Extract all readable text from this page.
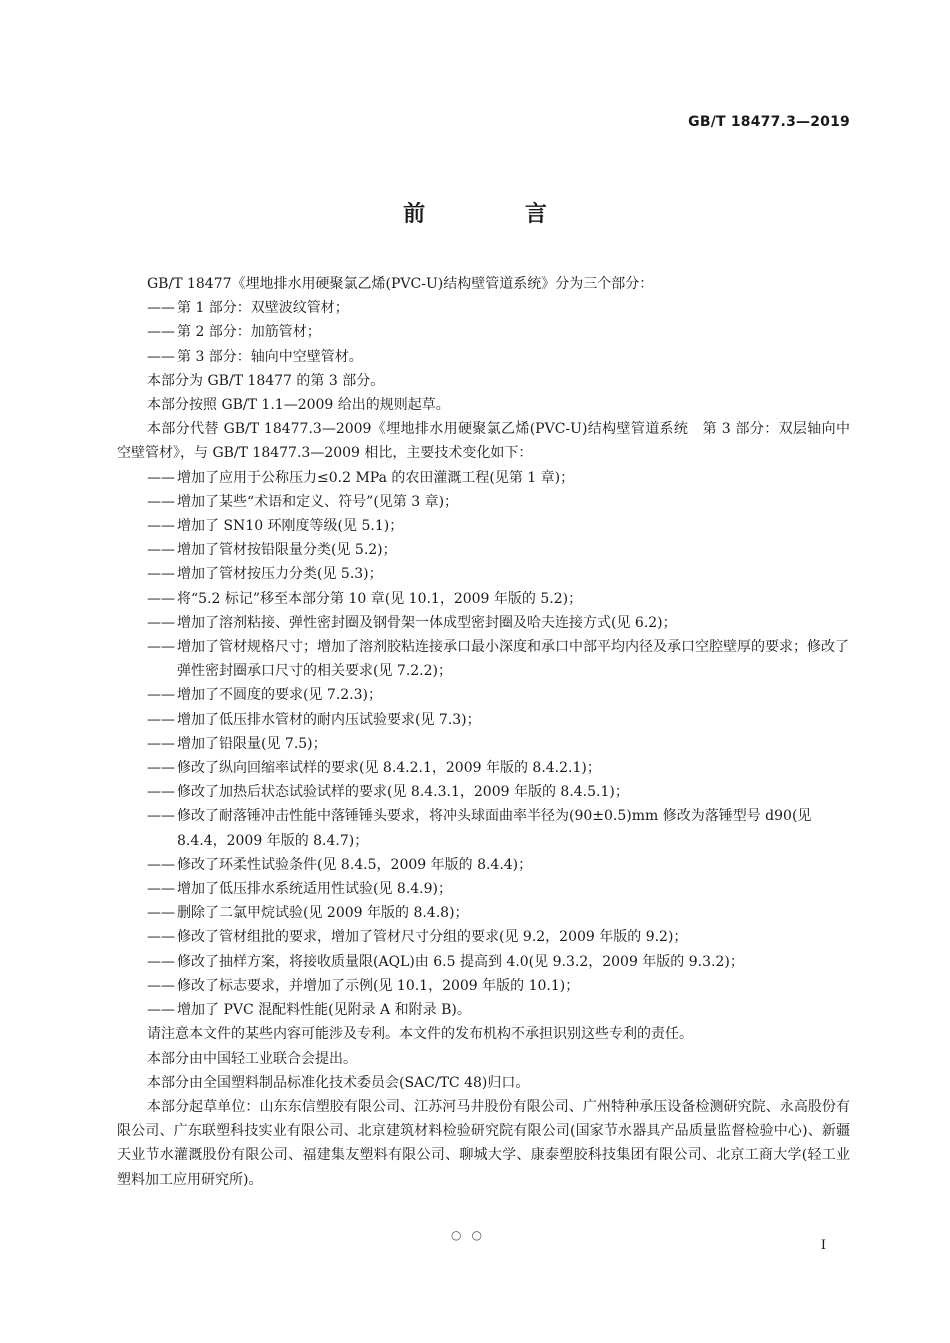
GB/T 18477.3—2019
前 言

GB/T 18477《埋地排水用硬聚氯乙烯(PVC-U)结构壁管道系统》分为三个部分：

—— 第 1 部分：双壁波纹管材；

—— 第 2 部分：加筋管材；

—— 第 3 部分：轴向中空壁管材。

本部分为 GB/T 18477 的第 3 部分。

本部分按照 GB/T 1.1—2009 给出的规则起草。

本部分代替 GB/T 18477.3—2009《埋地排水用硬聚氯乙烯(PVC-U)结构壁管道系统　第 3 部分：双层轴向中空壁管材》，与 GB/T 18477.3—2009 相比，主要技术变化如下：

—— 增加了应用于公称压力≤0.2 MPa 的农田灌溉工程(见第 1 章)；

—— 增加了某些“术语和定义、符号”(见第 3 章)；

—— 增加了 SN10 环刚度等级(见 5.1)；

—— 增加了管材按铅限量分类(见 5.2)；

—— 增加了管材按压力分类(见 5.3)；

—— 将“5.2 标记”移至本部分第 10 章(见 10.1，2009 年版的 5.2)；

—— 增加了溶剂粘接、弹性密封圈及钢骨架一体成型密封圈及哈夫连接方式(见 6.2)；

—— 增加了管材规格尺寸；增加了溶剂胶粘连接承口最小深度和承口中部平均内径及承口空腔壁厚的要求；修改了弹性密封圈承口尺寸的相关要求(见 7.2.2)；

—— 增加了不圆度的要求(见 7.2.3)；

—— 增加了低压排水管材的耐内压试验要求(见 7.3)；

—— 增加了铅限量(见 7.5)；

—— 修改了纵向回缩率试样的要求(见 8.4.2.1，2009 年版的 8.4.2.1)；

—— 修改了加热后状态试验试样的要求(见 8.4.3.1，2009 年版的 8.4.5.1)；

—— 修改了耐落锤冲击性能中落锤锤头要求，将冲头球面曲率半径为(90±0.5)mm 修改为落锤型号 d90(见 8.4.4，2009 年版的 8.4.7)；

—— 修改了环柔性试验条件(见 8.4.5，2009 年版的 8.4.4)；

—— 增加了低压排水系统适用性试验(见 8.4.9)；

—— 删除了二氯甲烷试验(见 2009 年版的 8.4.8)；

—— 修改了管材组批的要求，增加了管材尺寸分组的要求(见 9.2，2009 年版的 9.2)；

—— 修改了抽样方案，将接收质量限(AQL)由 6.5 提高到 4.0(见 9.3.2，2009 年版的 9.3.2)；

—— 修改了标志要求，并增加了示例(见 10.1，2009 年版的 10.1)；

—— 增加了 PVC 混配料性能(见附录 A 和附录 B)。

请注意本文件的某些内容可能涉及专利。本文件的发布机构不承担识别这些专利的责任。

本部分由中国轻工业联合会提出。

本部分由全国塑料制品标准化技术委员会(SAC/TC 48)归口。

本部分起草单位：山东东信塑胶有限公司、江苏河马井股份有限公司、广州特种承压设备检测研究院、永高股份有限公司、广东联塑科技实业有限公司、北京建筑材料检验研究院有限公司(国家节水器具产品质量监督检验中心)、新疆天业节水灌溉股份有限公司、福建集友塑料有限公司、聊城大学、康泰塑胶科技集团有限公司、北京工商大学(轻工业塑料加工应用研究所)。

○○
I
